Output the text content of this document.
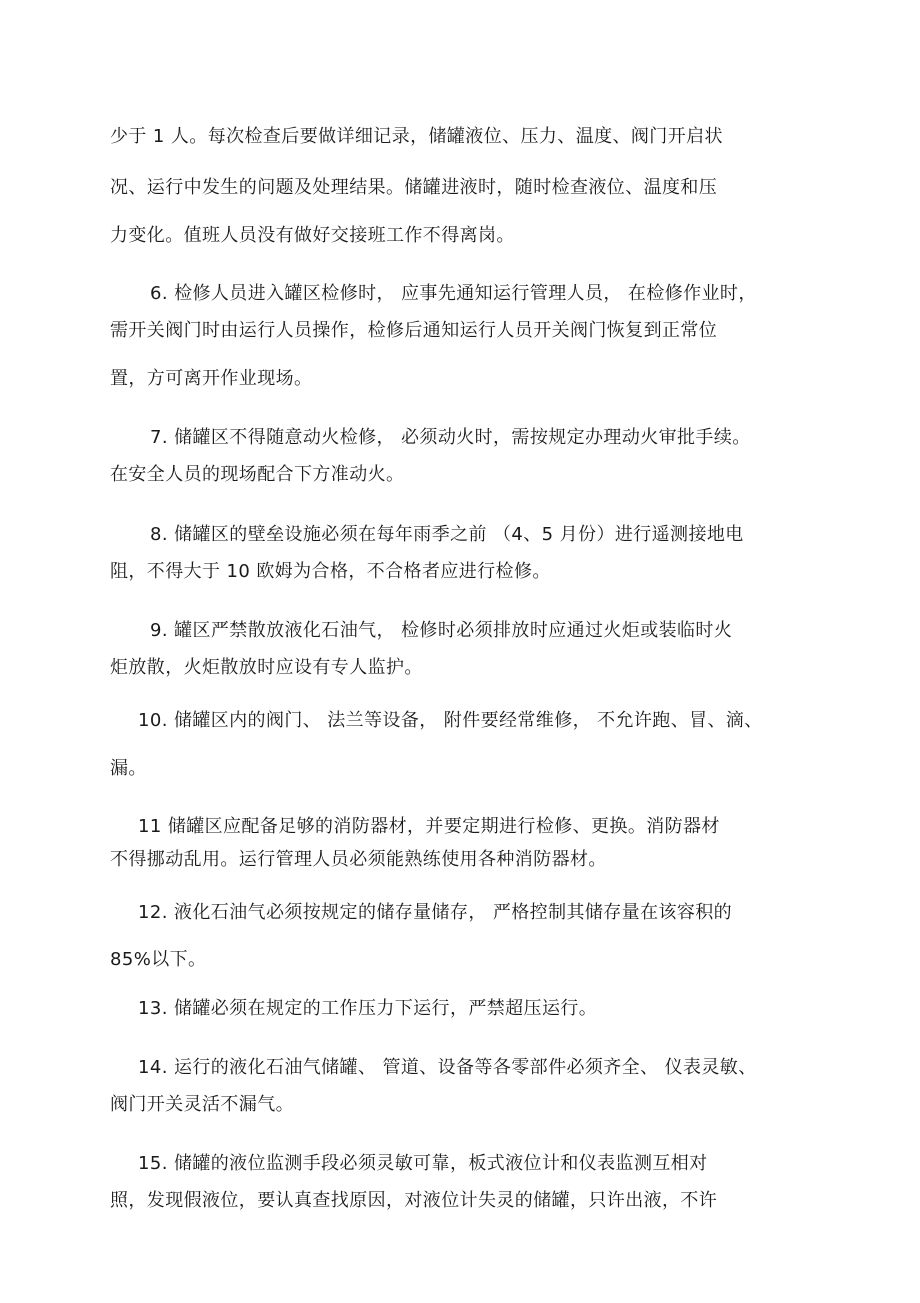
少于 1 人。每次检查后要做详细记录，储罐液位、压力、温度、阀门开启状
况、运行中发生的问题及处理结果。储罐进液时，随时检查液位、温度和压
力变化。值班人员没有做好交接班工作不得离岗。
6. 检修人员进入罐区检修时， 应事先通知运行管理人员， 在检修作业时，
需开关阀门时由运行人员操作，检修后通知运行人员开关阀门恢复到正常位
置，方可离开作业现场。
7. 储罐区不得随意动火检修， 必须动火时，需按规定办理动火审批手续。
在安全人员的现场配合下方准动火。
8. 储罐区的壁垒设施必须在每年雨季之前 （4、5 月份）进行遥测接地电
阻，不得大于 10 欧姆为合格，不合格者应进行检修。
9. 罐区严禁散放液化石油气， 检修时必须排放时应通过火炬或装临时火
炬放散，火炬散放时应设有专人监护。
10. 储罐区内的阀门、 法兰等设备， 附件要经常维修， 不允许跑、冒、滴、
漏。
11 储罐区应配备足够的消防器材，并要定期进行检修、更换。消防器材
不得挪动乱用。运行管理人员必须能熟练使用各种消防器材。
12. 液化石油气必须按规定的储存量储存， 严格控制其储存量在该容积的
85%以下。
13. 储罐必须在规定的工作压力下运行，严禁超压运行。
14. 运行的液化石油气储罐、 管道、设备等各零部件必须齐全、 仪表灵敏、
阀门开关灵活不漏气。
15. 储罐的液位监测手段必须灵敏可靠，板式液位计和仪表监测互相对
照，发现假液位，要认真查找原因，对液位计失灵的储罐，只许出液，不许
